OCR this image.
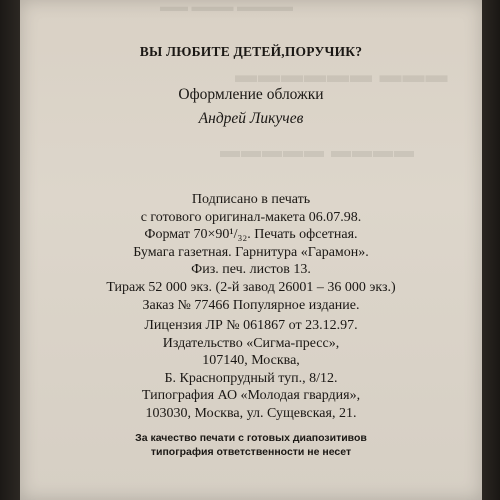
▬▬ ▬▬▬ ▬▬▬▬
▬▬▬▬▬▬ ▬▬▬
▬▬▬▬▬ ▬▬▬▬
ВЫ ЛЮБИТЕ ДЕТЕЙ,ПОРУЧИК?
Оформление обложки
Андрей Ликучев
Подписано в печать
с готового оригинал-макета 06.07.98.
Формат 70×90¹/₃₂. Печать офсетная.
Бумага газетная. Гарнитура «Гарамон».
Физ. печ. листов 13.
Тираж 52 000 экз. (2-й завод 26001 – 36 000 экз.)
Заказ № 77466 Популярное издание.
Лицензия ЛР № 061867 от 23.12.97.
Издательство «Сигма-пресс»,
107140, Москва,
Б. Краснопрудный туп., 8/12.
Типография АО «Молодая гвардия»,
103030, Москва, ул. Сущевская, 21.
За качество печати с готовых диапозитивов
типография ответственности не несет
